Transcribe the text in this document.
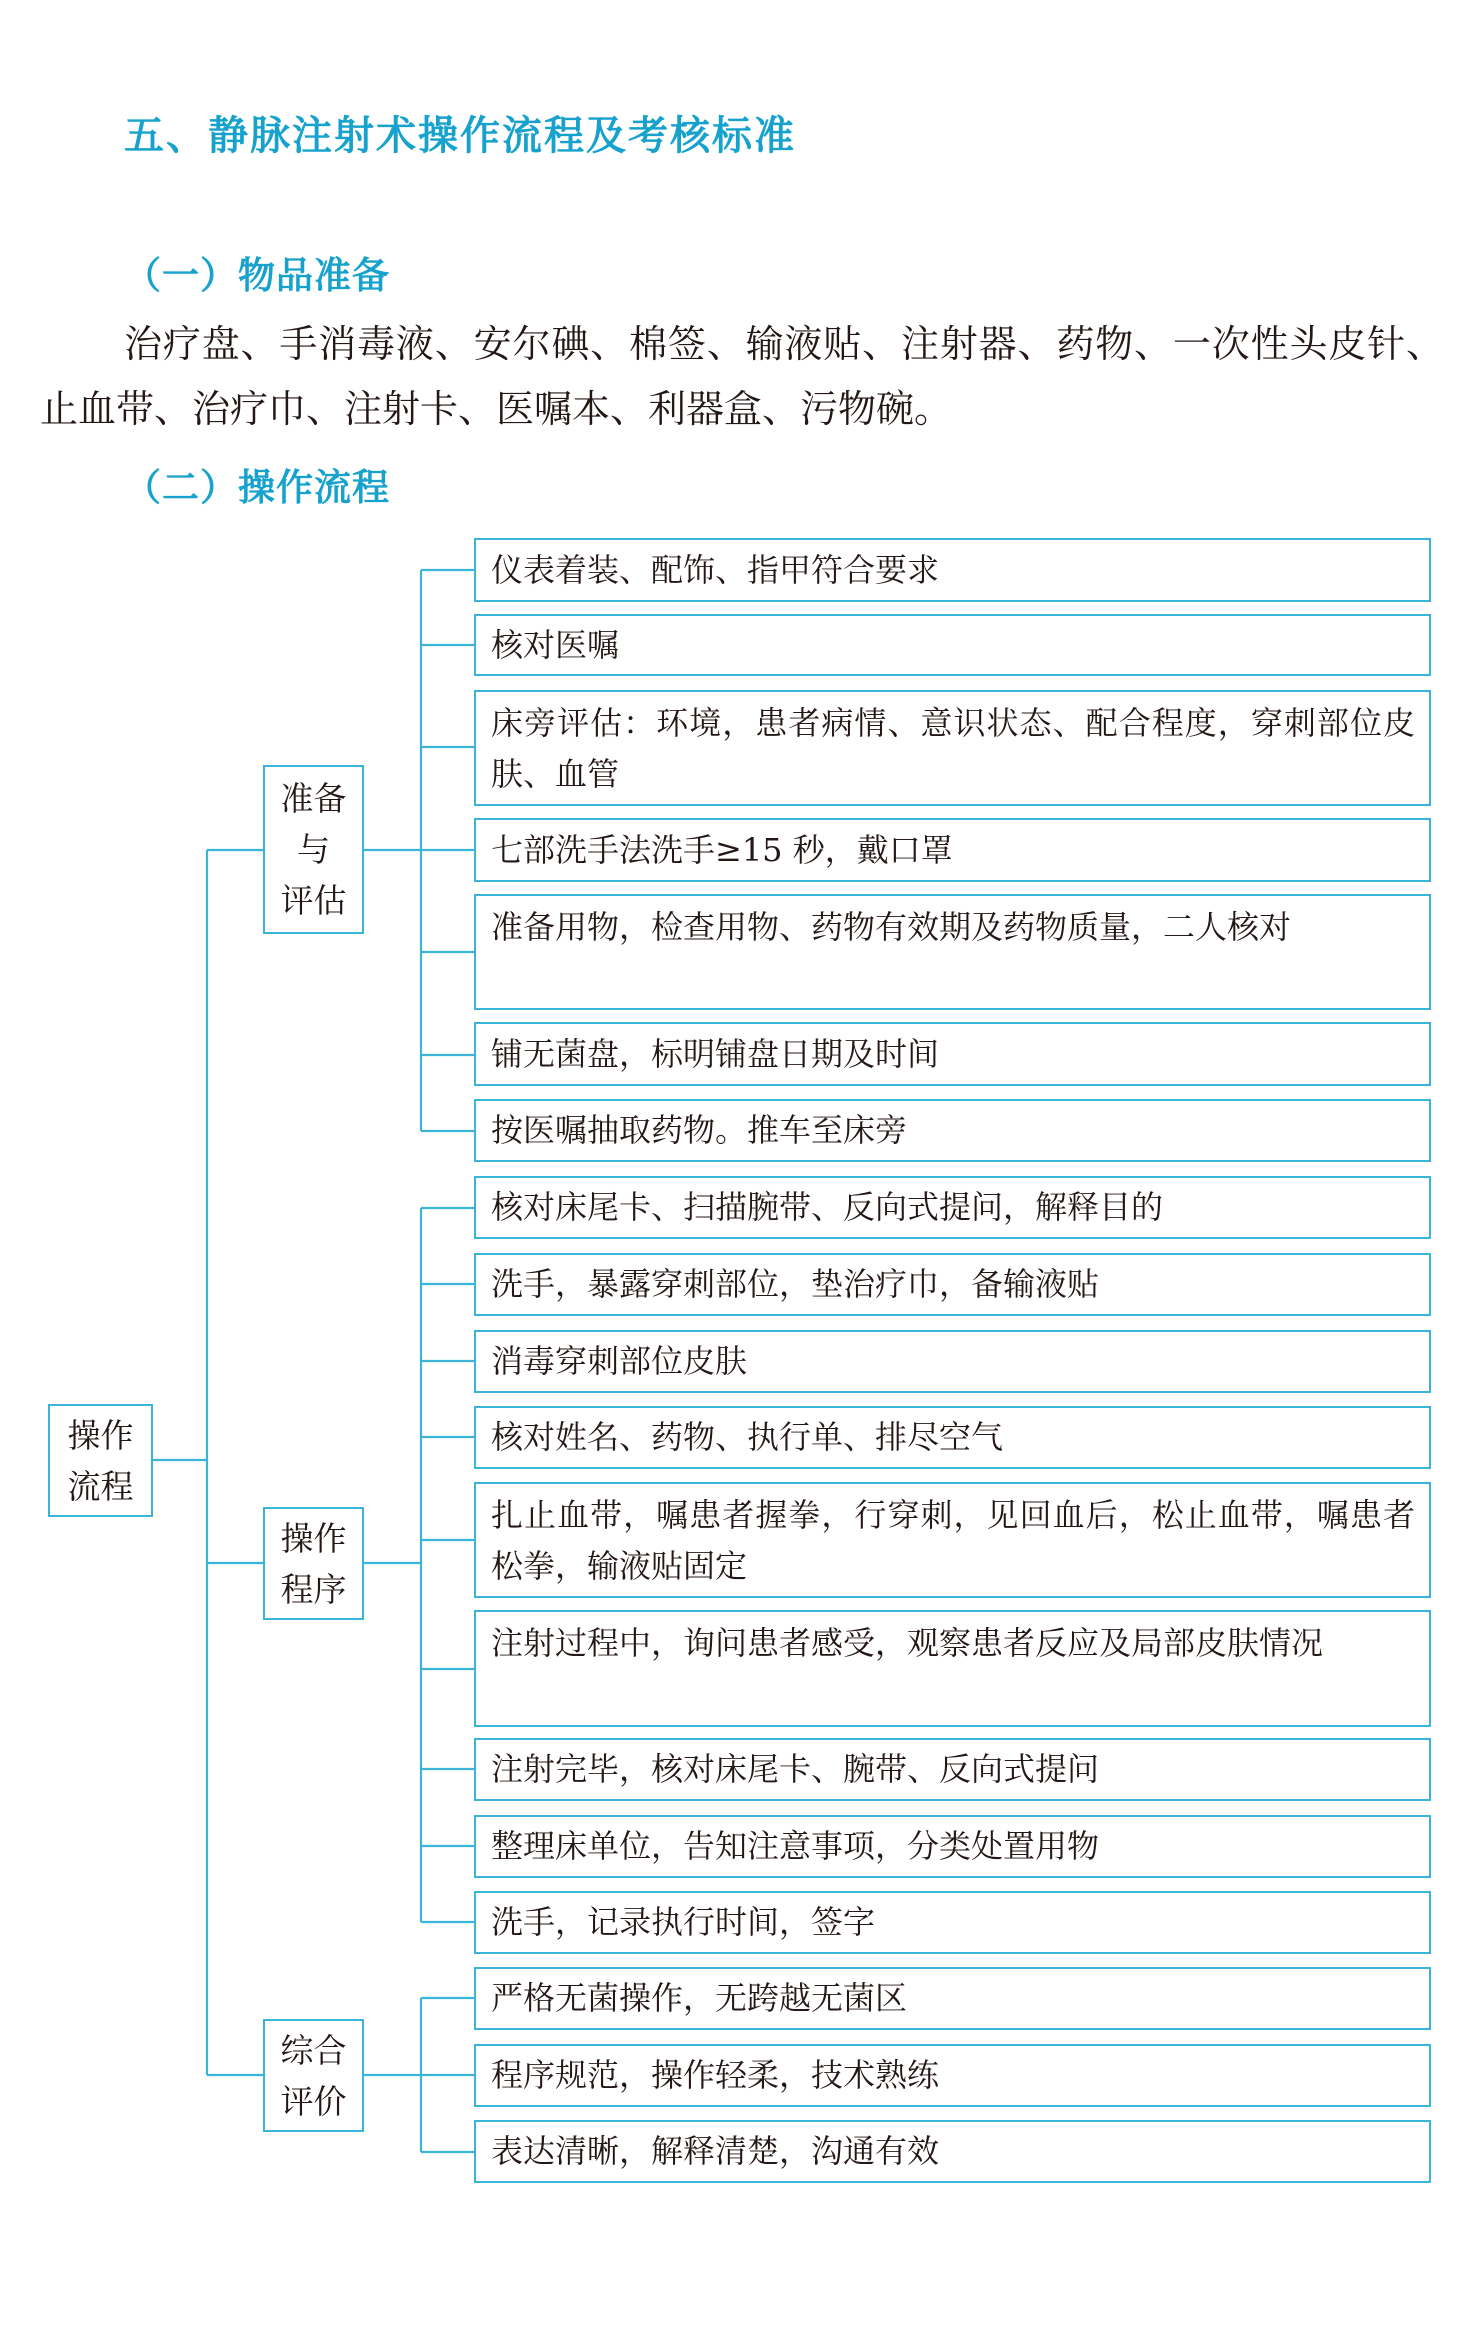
五、静脉注射术操作流程及考核标准
（一）物品准备

治疗盘、手消毒液、安尔碘、棉签、输液贴、注射器、药物、一次性头皮针、止血带、治疗巾、注射卡、医嘱本、利器盒、污物碗。

（二）操作流程
操作
流程
准备
与
评估
操作
程序
综合
评价
仪表着装、配饰、指甲符合要求
核对医嘱
床旁评估：环境，患者病情、意识状态、配合程度，穿刺部位皮肤、血管
七部洗手法洗手≥15 秒，戴口罩
准备用物，检查用物、药物有效期及药物质量，二人核对
铺无菌盘，标明铺盘日期及时间
按医嘱抽取药物。推车至床旁
核对床尾卡、扫描腕带、反向式提问，解释目的
洗手，暴露穿刺部位，垫治疗巾，备输液贴
消毒穿刺部位皮肤
核对姓名、药物、执行单、排尽空气
扎止血带，嘱患者握拳，行穿刺，见回血后，松止血带，嘱患者松拳，输液贴固定
注射过程中，询问患者感受，观察患者反应及局部皮肤情况
注射完毕，核对床尾卡、腕带、反向式提问
整理床单位，告知注意事项，分类处置用物
洗手，记录执行时间，签字
严格无菌操作，无跨越无菌区
程序规范，操作轻柔，技术熟练
表达清晰，解释清楚，沟通有效
